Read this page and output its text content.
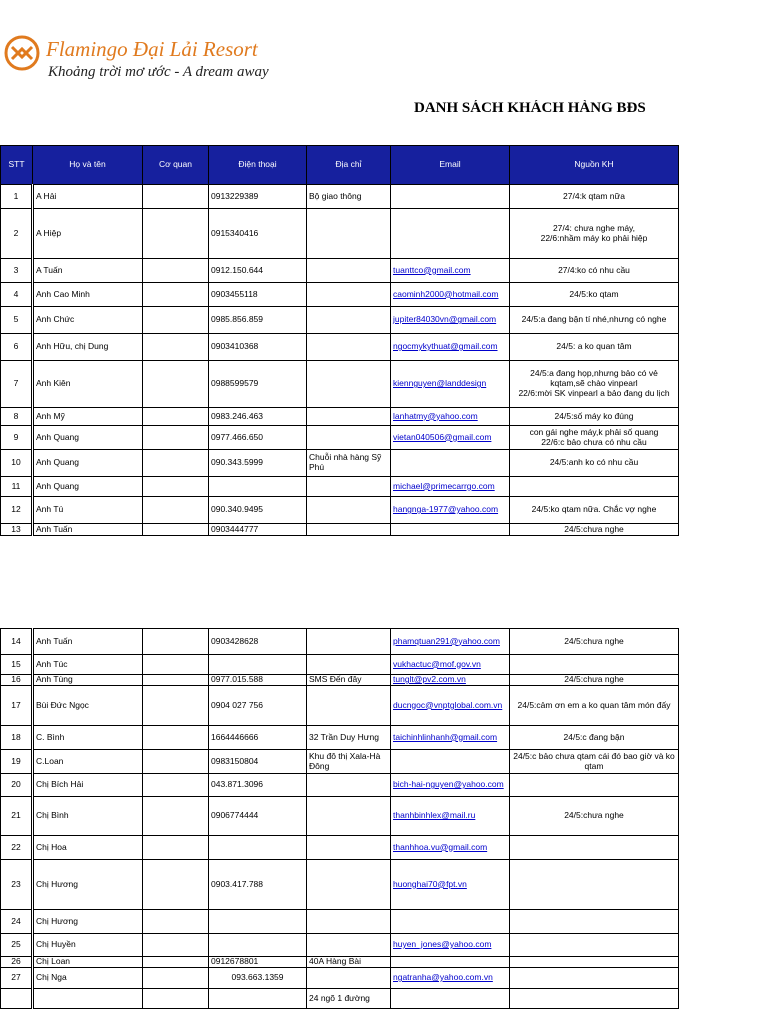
Flamingo Đại Lải Resort
Khoảng trời mơ ước - A dream away
DANH SÁCH KHÁCH HÀNG BĐS
STT	Họ và tên	Cơ quan	Điện thoại	Địa chỉ	Email	Nguồn KH
1	A Hải		0913229389	Bộ giao thông		27/4:k qtam nữa
2	A Hiệp		0915340416			27/4: chưa nghe máy,
22/6:nhầm máy ko phải hiệp
3	A Tuấn		0912.150.644		tuanttco@gmail.com	27/4:ko có nhu cầu
4	Anh Cao Minh		0903455118		caominh2000@hotmail.com	24/5:ko qtam
5	Anh Chức		0985.856.859		jupiter84030vn@gmail.com	24/5:a đang bận tí nhé,nhưng có nghe
6	Anh Hữu, chị Dung		0903410368		ngocmykythuat@gmail.com	24/5: a ko quan tâm
7	Anh Kiên		0988599579		kiennguyen@landdesign	24/5:a đang họp,nhưng bảo có vẻ kqtam,sẽ chào vinpearl
22/6:mời SK vinpearl a bảo đang du lịch
8	Anh Mỹ		0983.246.463		lanhatmy@yahoo.com	24/5:số máy ko đúng
9	Anh Quang		0977.466.650		vietan040506@gmail.com	con gái nghe máy,k phải số quang
22/6:c bảo chưa có nhu cầu
10	Anh Quang		090.343.5999	Chuỗi nhà hàng Sỹ Phú		24/5:anh ko có nhu cầu
11	Anh Quang				michael@primecarrgo.com	
12	Anh Tú		090.340.9495		hangnga-1977@yahoo.com	24/5:ko qtam nữa. Chắc vợ nghe
13	Anh Tuấn		0903444777			24/5:chưa nghe
14	Anh Tuấn		0903428628		phamqtuan291@yahoo.com	24/5:chưa nghe
15	Anh Túc				vukhactuc@mof.gov.vn	
16	Anh Tùng		0977.015.588	SMS Đến đây	tunglt@pv2.com.vn	24/5:chưa nghe
17	Bùi Đức Ngọc		0904 027 756		ducngoc@vnptglobal.com.vn	24/5:cảm ơn em a ko quan tâm món đấy
18	C. Bình		1664446666	32 Trần Duy Hưng	taichinhlinhanh@gmail.com	24/5:c đang bận
19	C.Loan		0983150804	Khu đô thị Xala-Hà Đông		24/5:c bảo chưa qtam cái đó bao giờ và ko qtam
20	Chị Bích Hải		043.871.3096		bich-hai-nguyen@yahoo.com	
21	Chị Bình		0906774444		thanhbinhlex@mail.ru	24/5:chưa nghe
22	Chị Hoa				thanhhoa.vu@gmail.com	
23	Chị Hương		0903.417.788		huonghai70@fpt.vn	
24	Chị Hương					
25	Chị Huyền				huyen_jones@yahoo.com	
26	Chị Loan		0912678801	40A Hàng Bài		
27	Chị Nga		093.663.1359		ngatranha@yahoo.com.vn	
				24 ngõ 1 đường		
